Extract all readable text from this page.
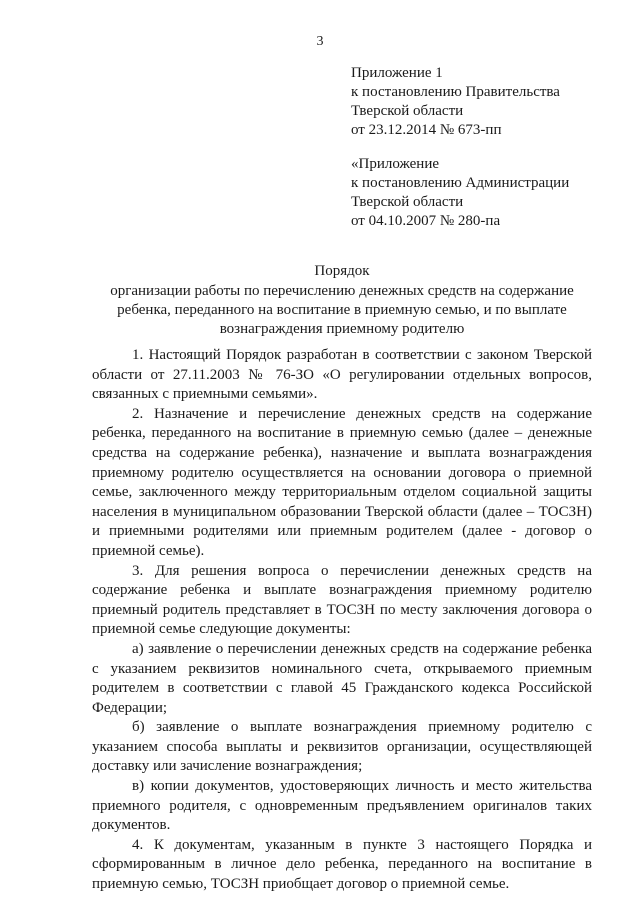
3
Приложение 1
к постановлению Правительства
Тверской области
от 23.12.2014 № 673-пп
«Приложение
к постановлению Администрации
Тверской области
от 04.10.2007 № 280-па
Порядок
организации работы по перечислению денежных средств на содержание
ребенка, переданного на воспитание в приемную семью, и по выплате
вознаграждения приемному родителю

1. Настоящий Порядок разработан в соответствии с законом Тверской области от 27.11.2003 № 76-ЗО «О регулировании отдельных вопросов, связанных с приемными семьями».

2. Назначение и перечисление денежных средств на содержание ребенка, переданного на воспитание в приемную семью (далее – денежные средства на содержание ребенка), назначение и выплата вознаграждения приемному родителю осуществляется на основании договора о приемной семье, заключенного между территориальным отделом социальной защиты населения в муниципальном образовании Тверской области (далее – ТОСЗН) и приемными родителями или приемным родителем (далее - договор о приемной семье).

3. Для решения вопроса о перечислении денежных средств на содержание ребенка и выплате вознаграждения приемному родителю приемный родитель представляет в ТОСЗН по месту заключения договора о приемной семье следующие документы:

а) заявление о перечислении денежных средств на содержание ребенка с указанием реквизитов номинального счета, открываемого приемным родителем в соответствии с главой 45 Гражданского кодекса Российской Федерации;

б) заявление о выплате вознаграждения приемному родителю с указанием способа выплаты и реквизитов организации, осуществляющей доставку или зачисление вознаграждения;

в) копии документов, удостоверяющих личность и место жительства приемного родителя, с одновременным предъявлением оригиналов таких документов.

4. К документам, указанным в пункте 3 настоящего Порядка и сформированным в личное дело ребенка, переданного на воспитание в приемную семью, ТОСЗН приобщает договор о приемной семье.
